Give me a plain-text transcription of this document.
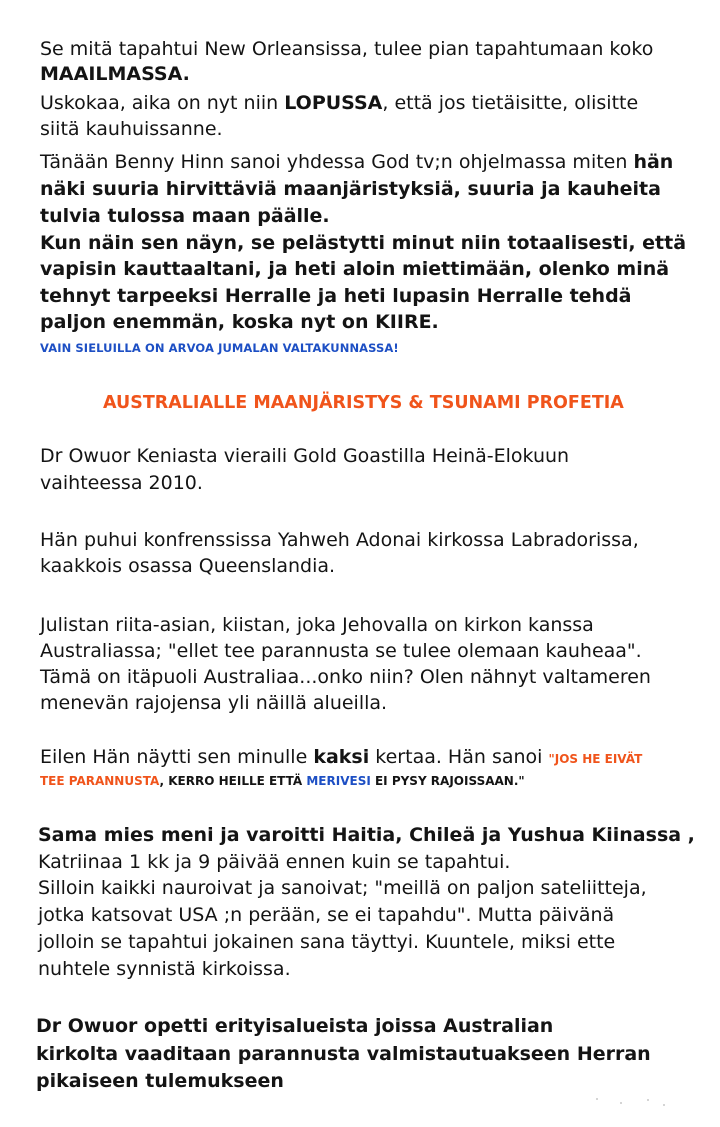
Se mitä tapahtui New Orleansissa, tulee pian tapahtumaan koko
MAAILMASSA.
Uskokaa, aika on nyt niin LOPUSSA, että jos tietäisitte, olisitte
siitä kauhuissanne.
Tänään Benny Hinn sanoi yhdessa God tv;n ohjelmassa miten hän
näki suuria hirvittäviä maanjäristyksiä, suuria ja kauheita
tulvia tulossa maan päälle.
Kun näin sen näyn, se pelästytti minut niin totaalisesti, että
vapisin kauttaaltani, ja heti aloin miettimään, olenko minä
tehnyt tarpeeksi Herralle ja heti lupasin Herralle tehdä
paljon enemmän, koska nyt on KIIRE.
VAIN SIELUILLA ON ARVOA JUMALAN VALTAKUNNASSA!
AUSTRALIALLE MAANJÄRISTYS & TSUNAMI PROFETIA
Dr Owuor Keniasta vieraili Gold Goastilla Heinä-Elokuun
vaihteessa 2010.
Hän puhui konfrenssissa Yahweh Adonai kirkossa Labradorissa,
kaakkois osassa Queenslandia.
Julistan riita-asian, kiistan, joka Jehovalla on kirkon kanssa
Australiassa; "ellet tee parannusta se tulee olemaan kauheaa".
Tämä on itäpuoli Australiaa...onko niin? Olen nähnyt valtameren
menevän rajojensa yli näillä alueilla.
Eilen Hän näytti sen minulle kaksi kertaa. Hän sanoi "JOS HE EIVÄT
TEE PARANNUSTA, KERRO HEILLE ETTÄ MERIVESI EI PYSY RAJOISSAAN."
Sama mies meni ja varoitti Haitia, Chileä ja Yushua Kiinassa ,
Katriinaa 1 kk ja 9 päivää ennen kuin se tapahtui.
Silloin kaikki nauroivat ja sanoivat; "meillä on paljon sateliitteja,
jotka katsovat USA ;n perään, se ei tapahdu". Mutta päivänä
jolloin se tapahtui jokainen sana täyttyi. Kuuntele, miksi ette
nuhtele synnistä kirkoissa.
Dr Owuor opetti erityisalueista joissa Australian
kirkolta vaaditaan parannusta valmistautuakseen Herran
pikaiseen tulemukseen
